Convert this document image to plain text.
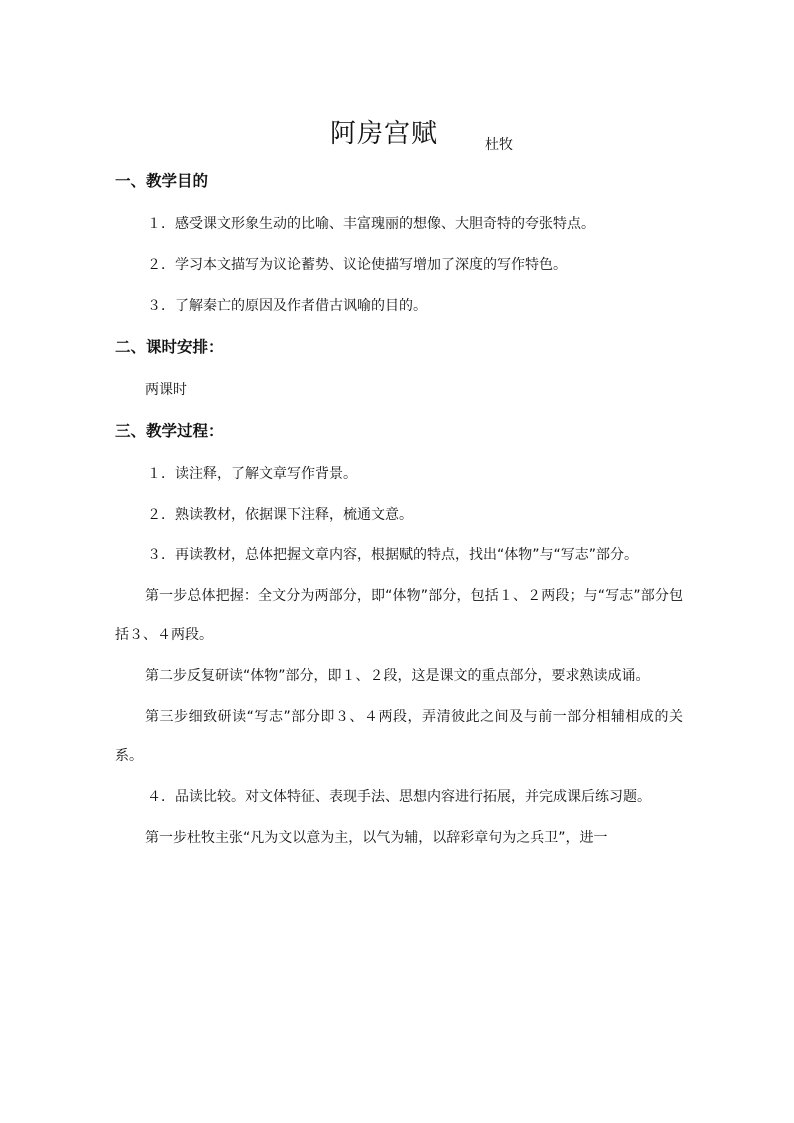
阿房宫赋	杜牧

一、教学目的

１．感受课文形象生动的比喻、丰富瑰丽的想像、大胆奇特的夸张特点。

２．学习本文描写为议论蓄势、议论使描写增加了深度的写作特色。

３．了解秦亡的原因及作者借古讽喻的目的。

二、课时安排：

两课时

三、教学过程：

１．读注释，了解文章写作背景。

２．熟读教材，依据课下注释，梳通文意。

３．再读教材，总体把握文章内容，根据赋的特点，找出“体物”与“写志”部分。

第一步总体把握：全文分为两部分，即“体物”部分，包括１、２两段；与“写志”部分包括３、４两段。

第二步反复研读“体物”部分，即１、２段，这是课文的重点部分，要求熟读成诵。

第三步细致研读“写志”部分即３、４两段，弄清彼此之间及与前一部分相辅相成的关系。

４．品读比较。对文体特征、表现手法、思想内容进行拓展，并完成课后练习题。

第一步杜牧主张“凡为文以意为主，以气为辅，以辞彩章句为之兵卫”，进一
